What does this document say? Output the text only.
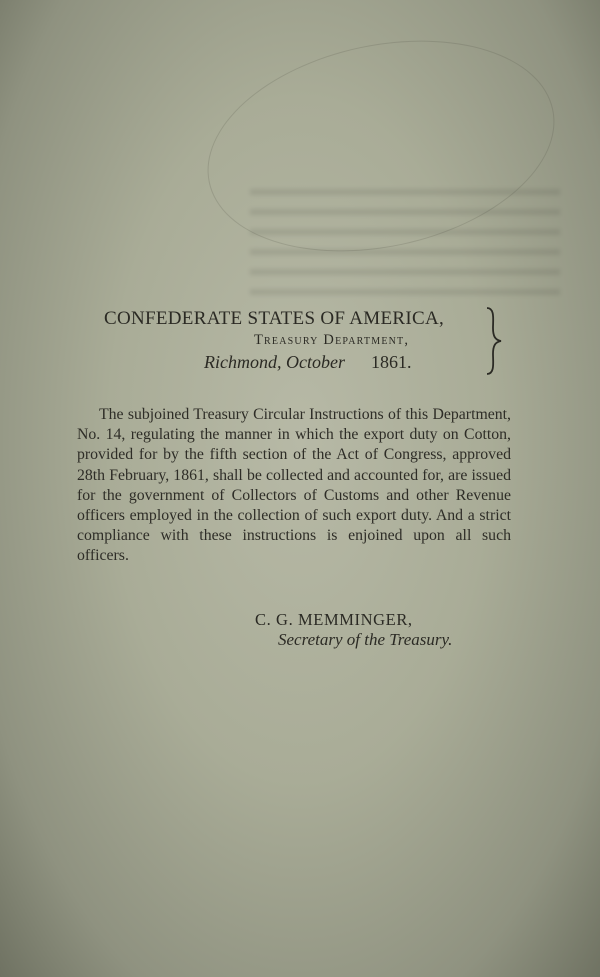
CONFEDERATE STATES OF AMERICA,
Treasury Department,
Richmond, October 1861.
The subjoined Treasury Circular Instructions of this Department, No. 14, regulating the manner in which the export duty on Cotton, provided for by the fifth section of the Act of Congress, approved 28th February, 1861, shall be collected and accounted for, are issued for the government of Collectors of Customs and other Revenue officers employed in the collection of such export duty. And a strict compliance with these instructions is enjoined upon all such officers.
C. G. MEMMINGER,
Secretary of the Treasury.
